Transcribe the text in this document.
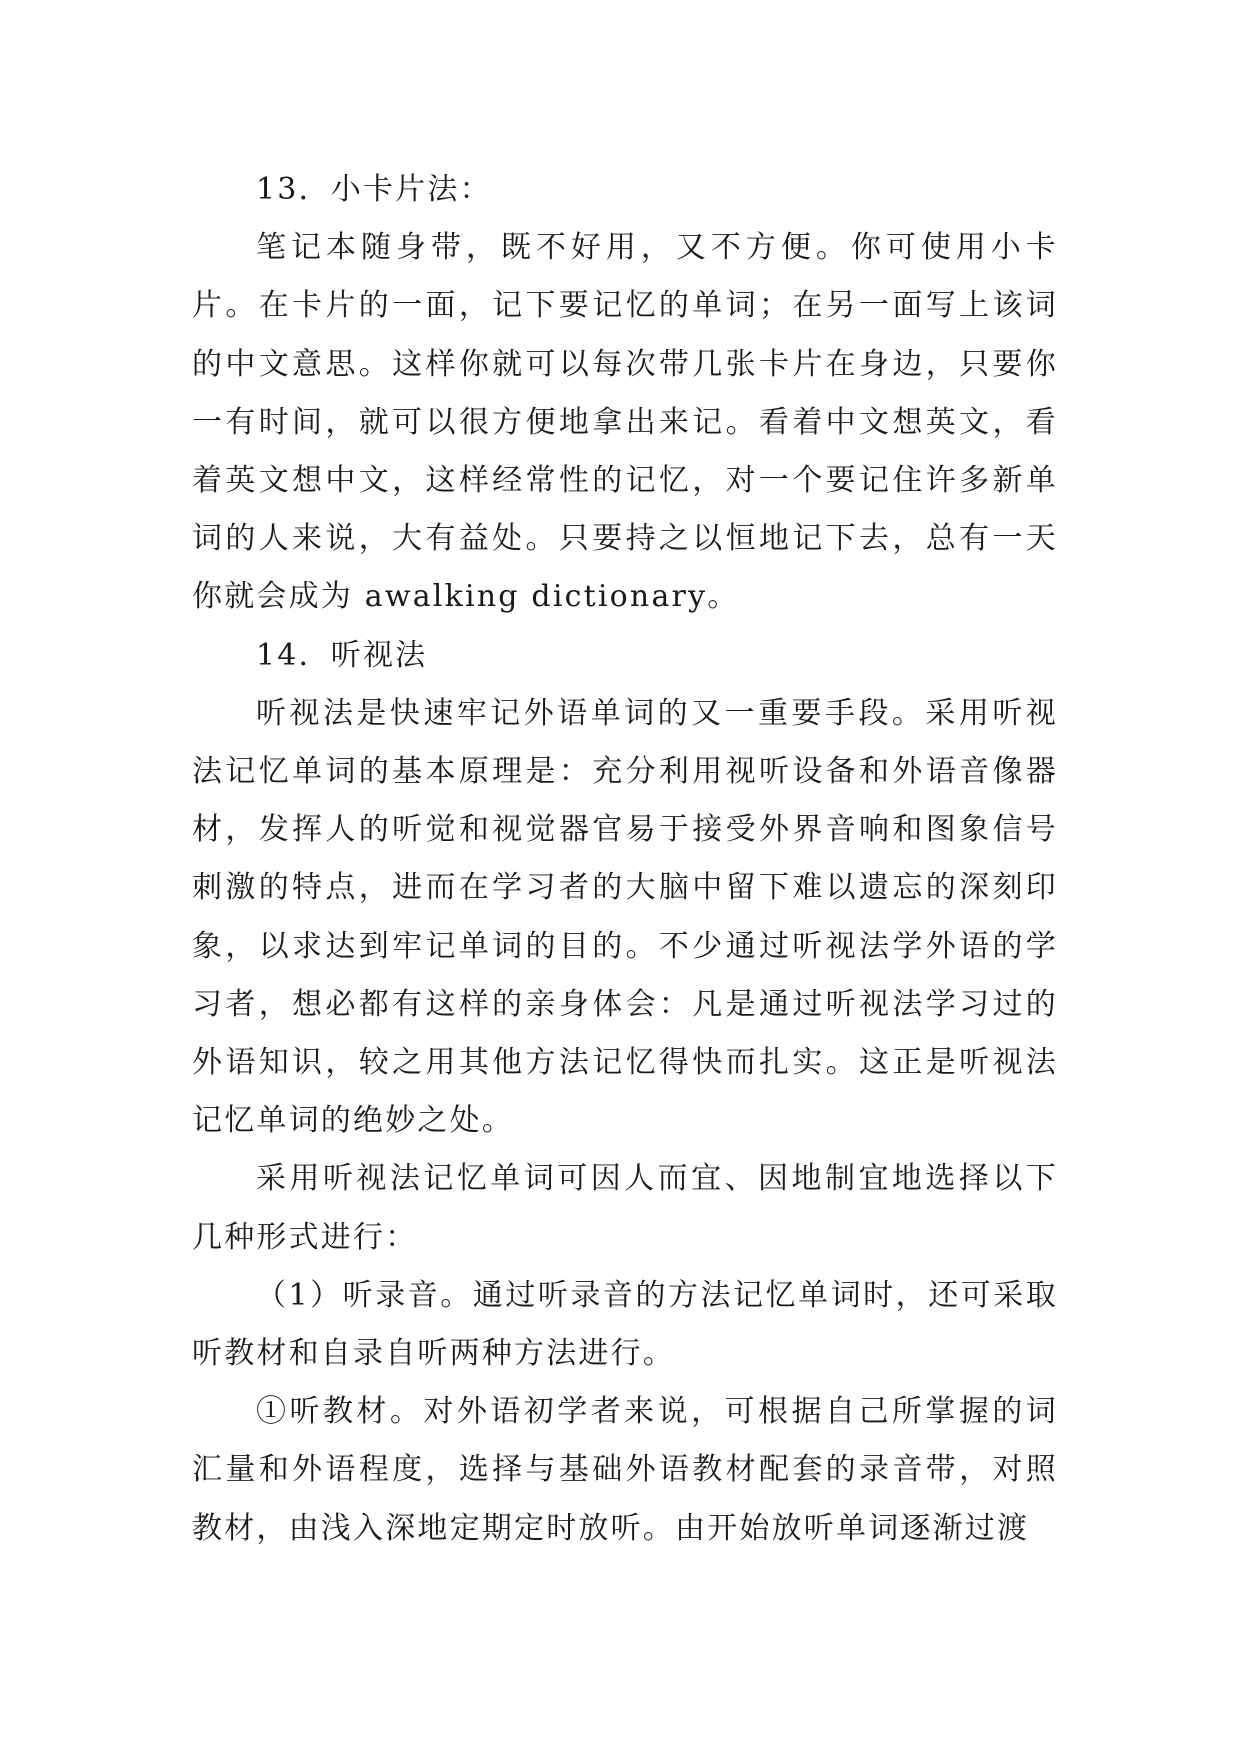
13．小卡片法：

笔记本随身带，既不好用，又不方便。你可使用小卡片。在卡片的一面，记下要记忆的单词；在另一面写上该词的中文意思。这样你就可以每次带几张卡片在身边，只要你一有时间，就可以很方便地拿出来记。看着中文想英文，看着英文想中文，这样经常性的记忆，对一个要记住许多新单词的人来说，大有益处。只要持之以恒地记下去，总有一天你就会成为 awalking dictionary。

14．听视法

听视法是快速牢记外语单词的又一重要手段。采用听视法记忆单词的基本原理是：充分利用视听设备和外语音像器材，发挥人的听觉和视觉器官易于接受外界音响和图象信号刺激的特点，进而在学习者的大脑中留下难以遗忘的深刻印象，以求达到牢记单词的目的。不少通过听视法学外语的学习者，想必都有这样的亲身体会：凡是通过听视法学习过的外语知识，较之用其他方法记忆得快而扎实。这正是听视法记忆单词的绝妙之处。

采用听视法记忆单词可因人而宜、因地制宜地选择以下几种形式进行：

（1）听录音。通过听录音的方法记忆单词时，还可采取听教材和自录自听两种方法进行。

①听教材。对外语初学者来说，可根据自己所掌握的词汇量和外语程度，选择与基础外语教材配套的录音带，对照教材，由浅入深地定期定时放听。由开始放听单词逐渐过渡
